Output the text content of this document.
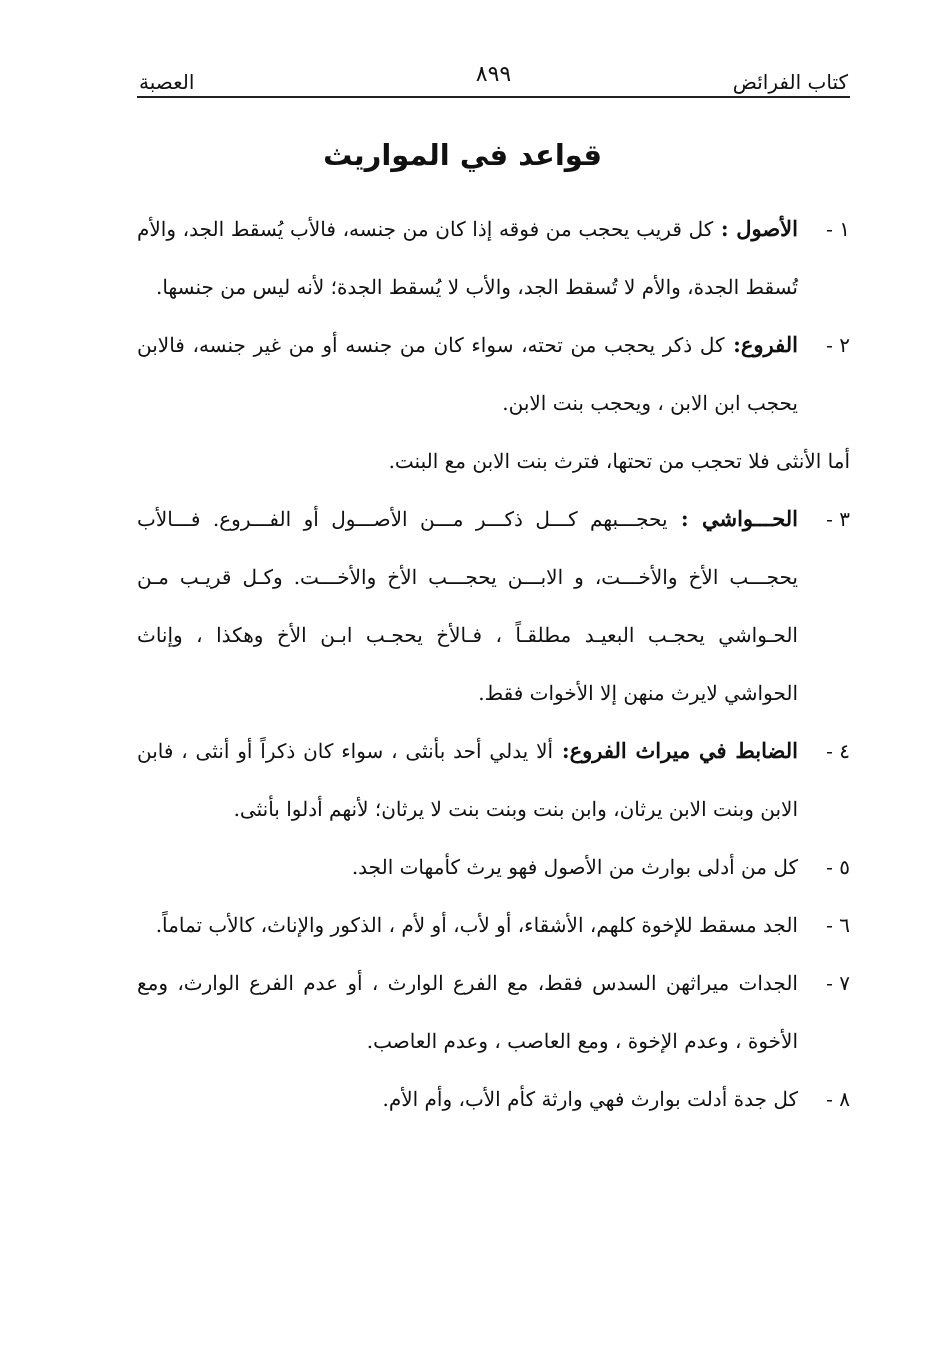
كتاب الفرائض
٨٩٩
العصبة
قواعد في المواريث
١ -
الأصول : كل قريب يحجب من فوقه إذا كان من جنسه، فالأب يُسقط الجد، والأم تُسقط الجدة، والأم لا تُسقط الجد، والأب لا يُسقط الجدة؛ لأنه ليس من جنسها.
٢ -
الفروع: كل ذكر يحجب من تحته، سواء كان من جنسه أو من غير جنسه، فالابن يحجب ابن الابن ، ويحجب بنت الابن.
أما الأنثى فلا تحجب من تحتها، فترث بنت الابن مع البنت.
٣ -
الحـــواشي : يحجـــبهم كـــل ذكـــر مـــن الأصـــول أو الفـــروع. فـــالأب يحجـــب الأخ والأخـــت، و الابـــن يحجـــب الأخ والأخـــت. وكـل قريـب مـن الحـواشي يحجـب البعيـد مطلقـاً ، فـالأخ يحجـب ابـن الأخ وهكذا ، وإناث الحواشي لايرث منهن إلا الأخوات فقط.
٤ -
الضابط في ميراث الفروع: ألا يدلي أحد بأنثى ، سواء كان ذكراً أو أنثى ، فابن الابن وبنت الابن يرثان، وابن بنت وبنت بنت لا يرثان؛ لأنهم أدلوا بأنثى.
٥ -
كل من أدلى بوارث من الأصول فهو يرث كأمهات الجد.
٦ -
الجد مسقط للإخوة كلهم، الأشقاء، أو لأب، أو لأم ، الذكور والإناث، كالأب تماماً.
٧ -
الجدات ميراثهن السدس فقط، مع الفرع الوارث ، أو عدم الفرع الوارث، ومع الأخوة ، وعدم الإخوة ، ومع العاصب ، وعدم العاصب.
٨ -
كل جدة أدلت بوارث فهي وارثة كأم الأب، وأم الأم.
